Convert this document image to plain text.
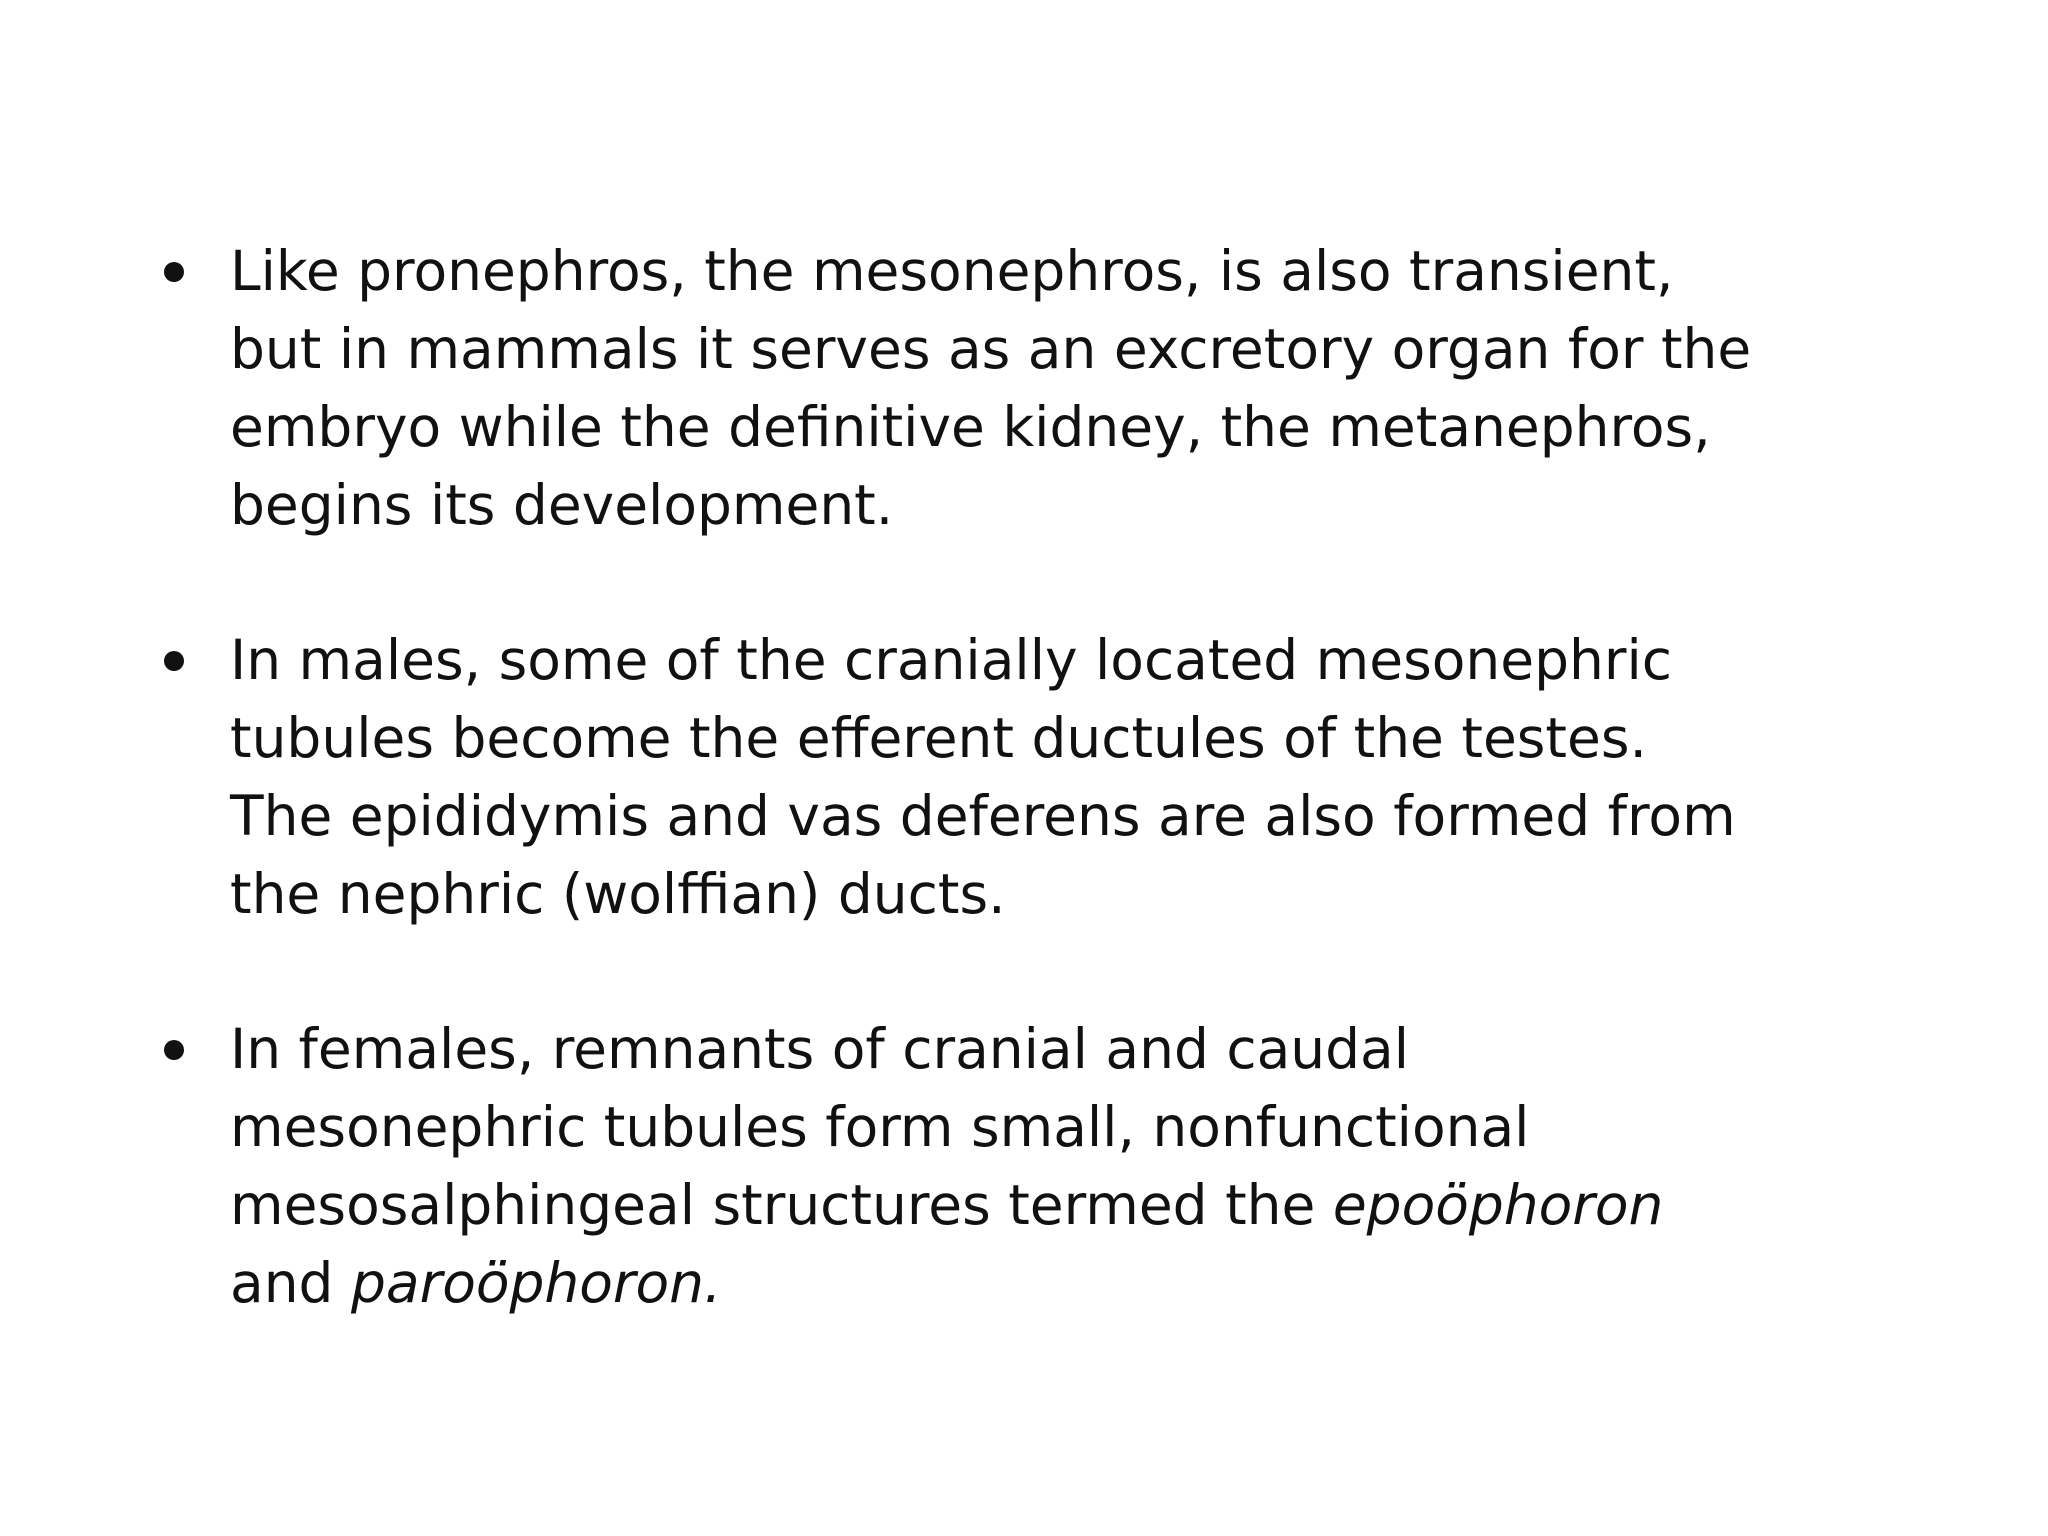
Like pronephros, the mesonephros, is also transient,
but in mammals it serves as an excretory organ for the
embryo while the definitive kidney, the metanephros,
begins its development.
In males, some of the cranially located mesonephric
tubules become the efferent ductules of the testes.
The epididymis and vas deferens are also formed from
the nephric (wolffian) ducts.
In females, remnants of cranial and caudal
mesonephric tubules form small, nonfunctional
mesosalphingeal structures termed the epoöphoron
and paroöphoron.
